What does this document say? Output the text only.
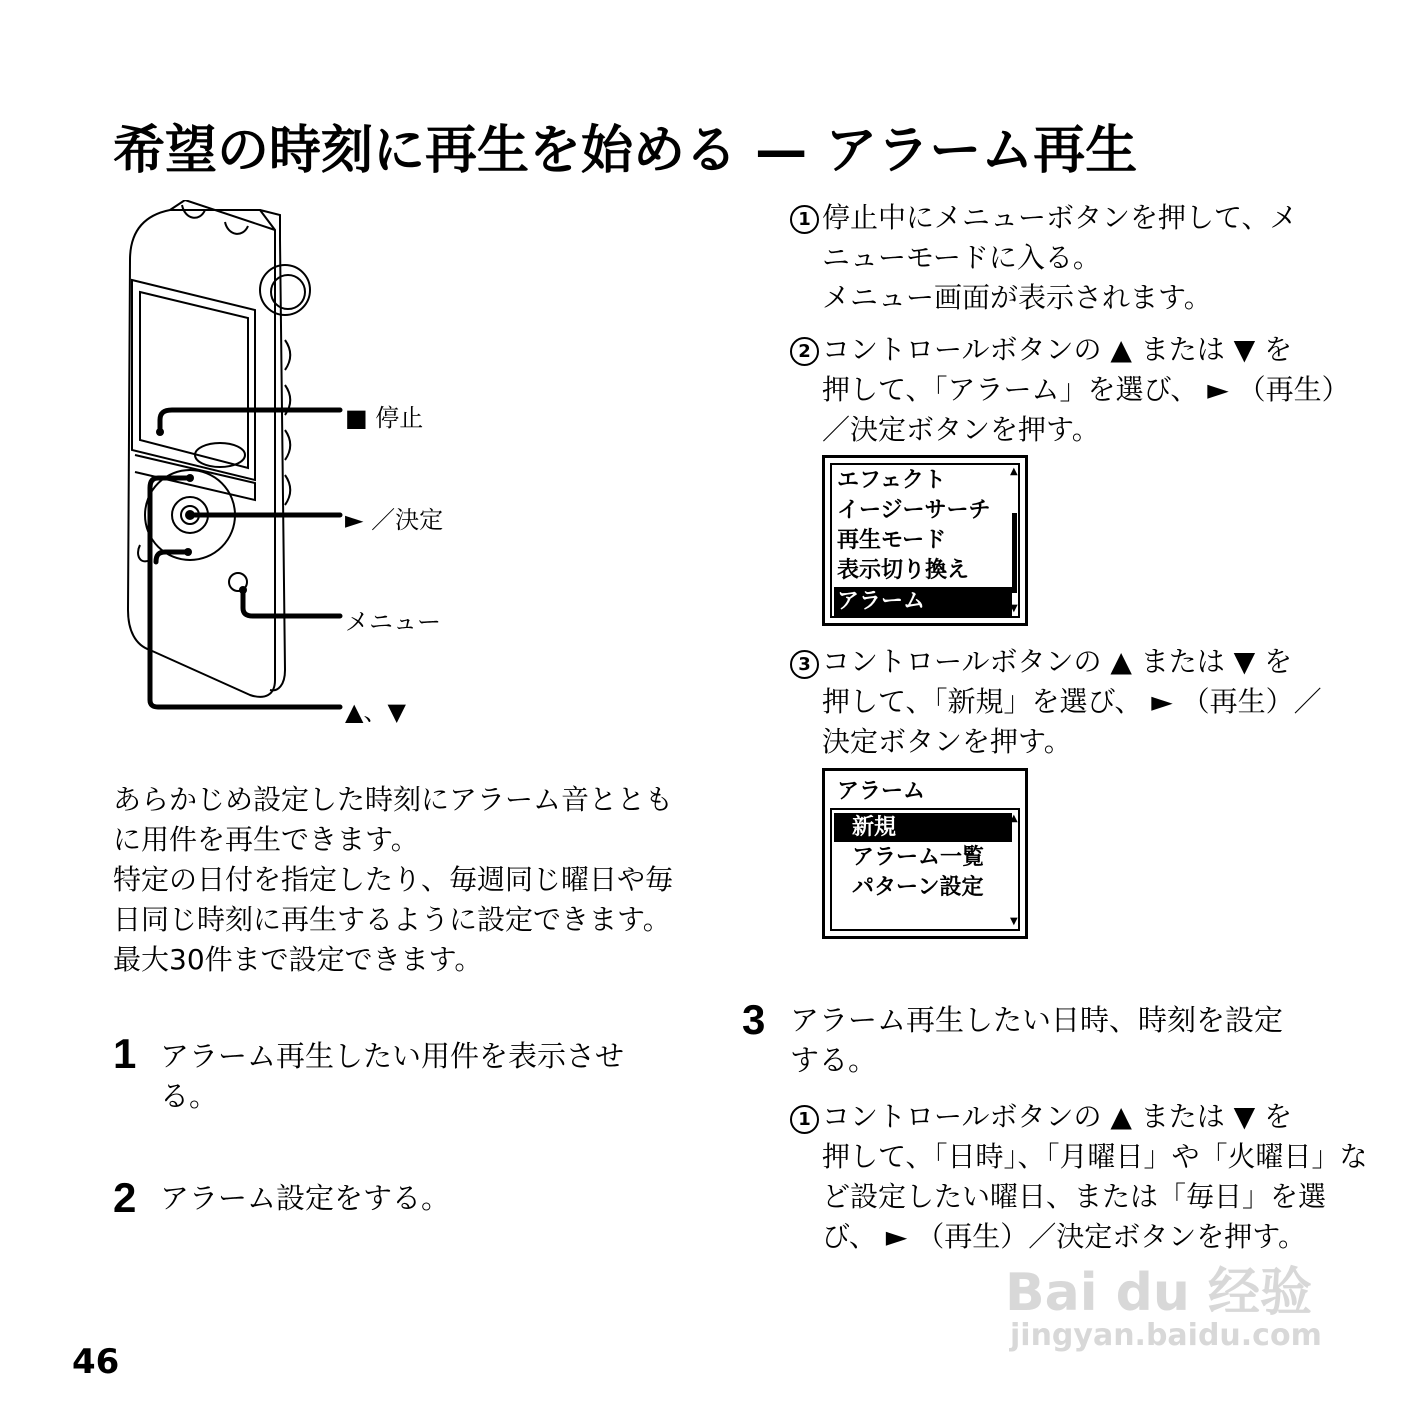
希望の時刻に再生を始める — アラーム再生
■ 停止
► ／決定
メニュー
▲、▼
あらかじめ設定した時刻にアラーム音ととも
に用件を再生できます。
特定の日付を指定したり、毎週同じ曜日や毎
日同じ時刻に再生するように設定できます。
最大30件まで設定できます。
1 アラーム再生したい用件を表示させ
る。
2 アラーム設定をする。
1 停止中にメニューボタンを押して、メ
ニューモードに入る。
メニュー画面が表示されます。
2 コントロールボタンの ▲ または ▼ を
押して、「アラーム」を選び、 ► （再生）
／決定ボタンを押す。
エフェクト
イージーサーチ
再生モード
表示切り換え
アラーム
▲
▼
3 コントロールボタンの ▲ または ▼ を
押して、「新規」を選び、 ► （再生）／
決定ボタンを押す。
アラーム
新規
アラーム一覧
パターン設定
▲
▼
3 アラーム再生したい日時、時刻を設定
する。
1 コントロールボタンの ▲ または ▼ を
押して、「日時」、「月曜日」や「火曜日」な
ど設定したい曜日、または「毎日」を選
び、 ► （再生）／決定ボタンを押す。
Bai du 经验
jingyan.baidu.com
46
